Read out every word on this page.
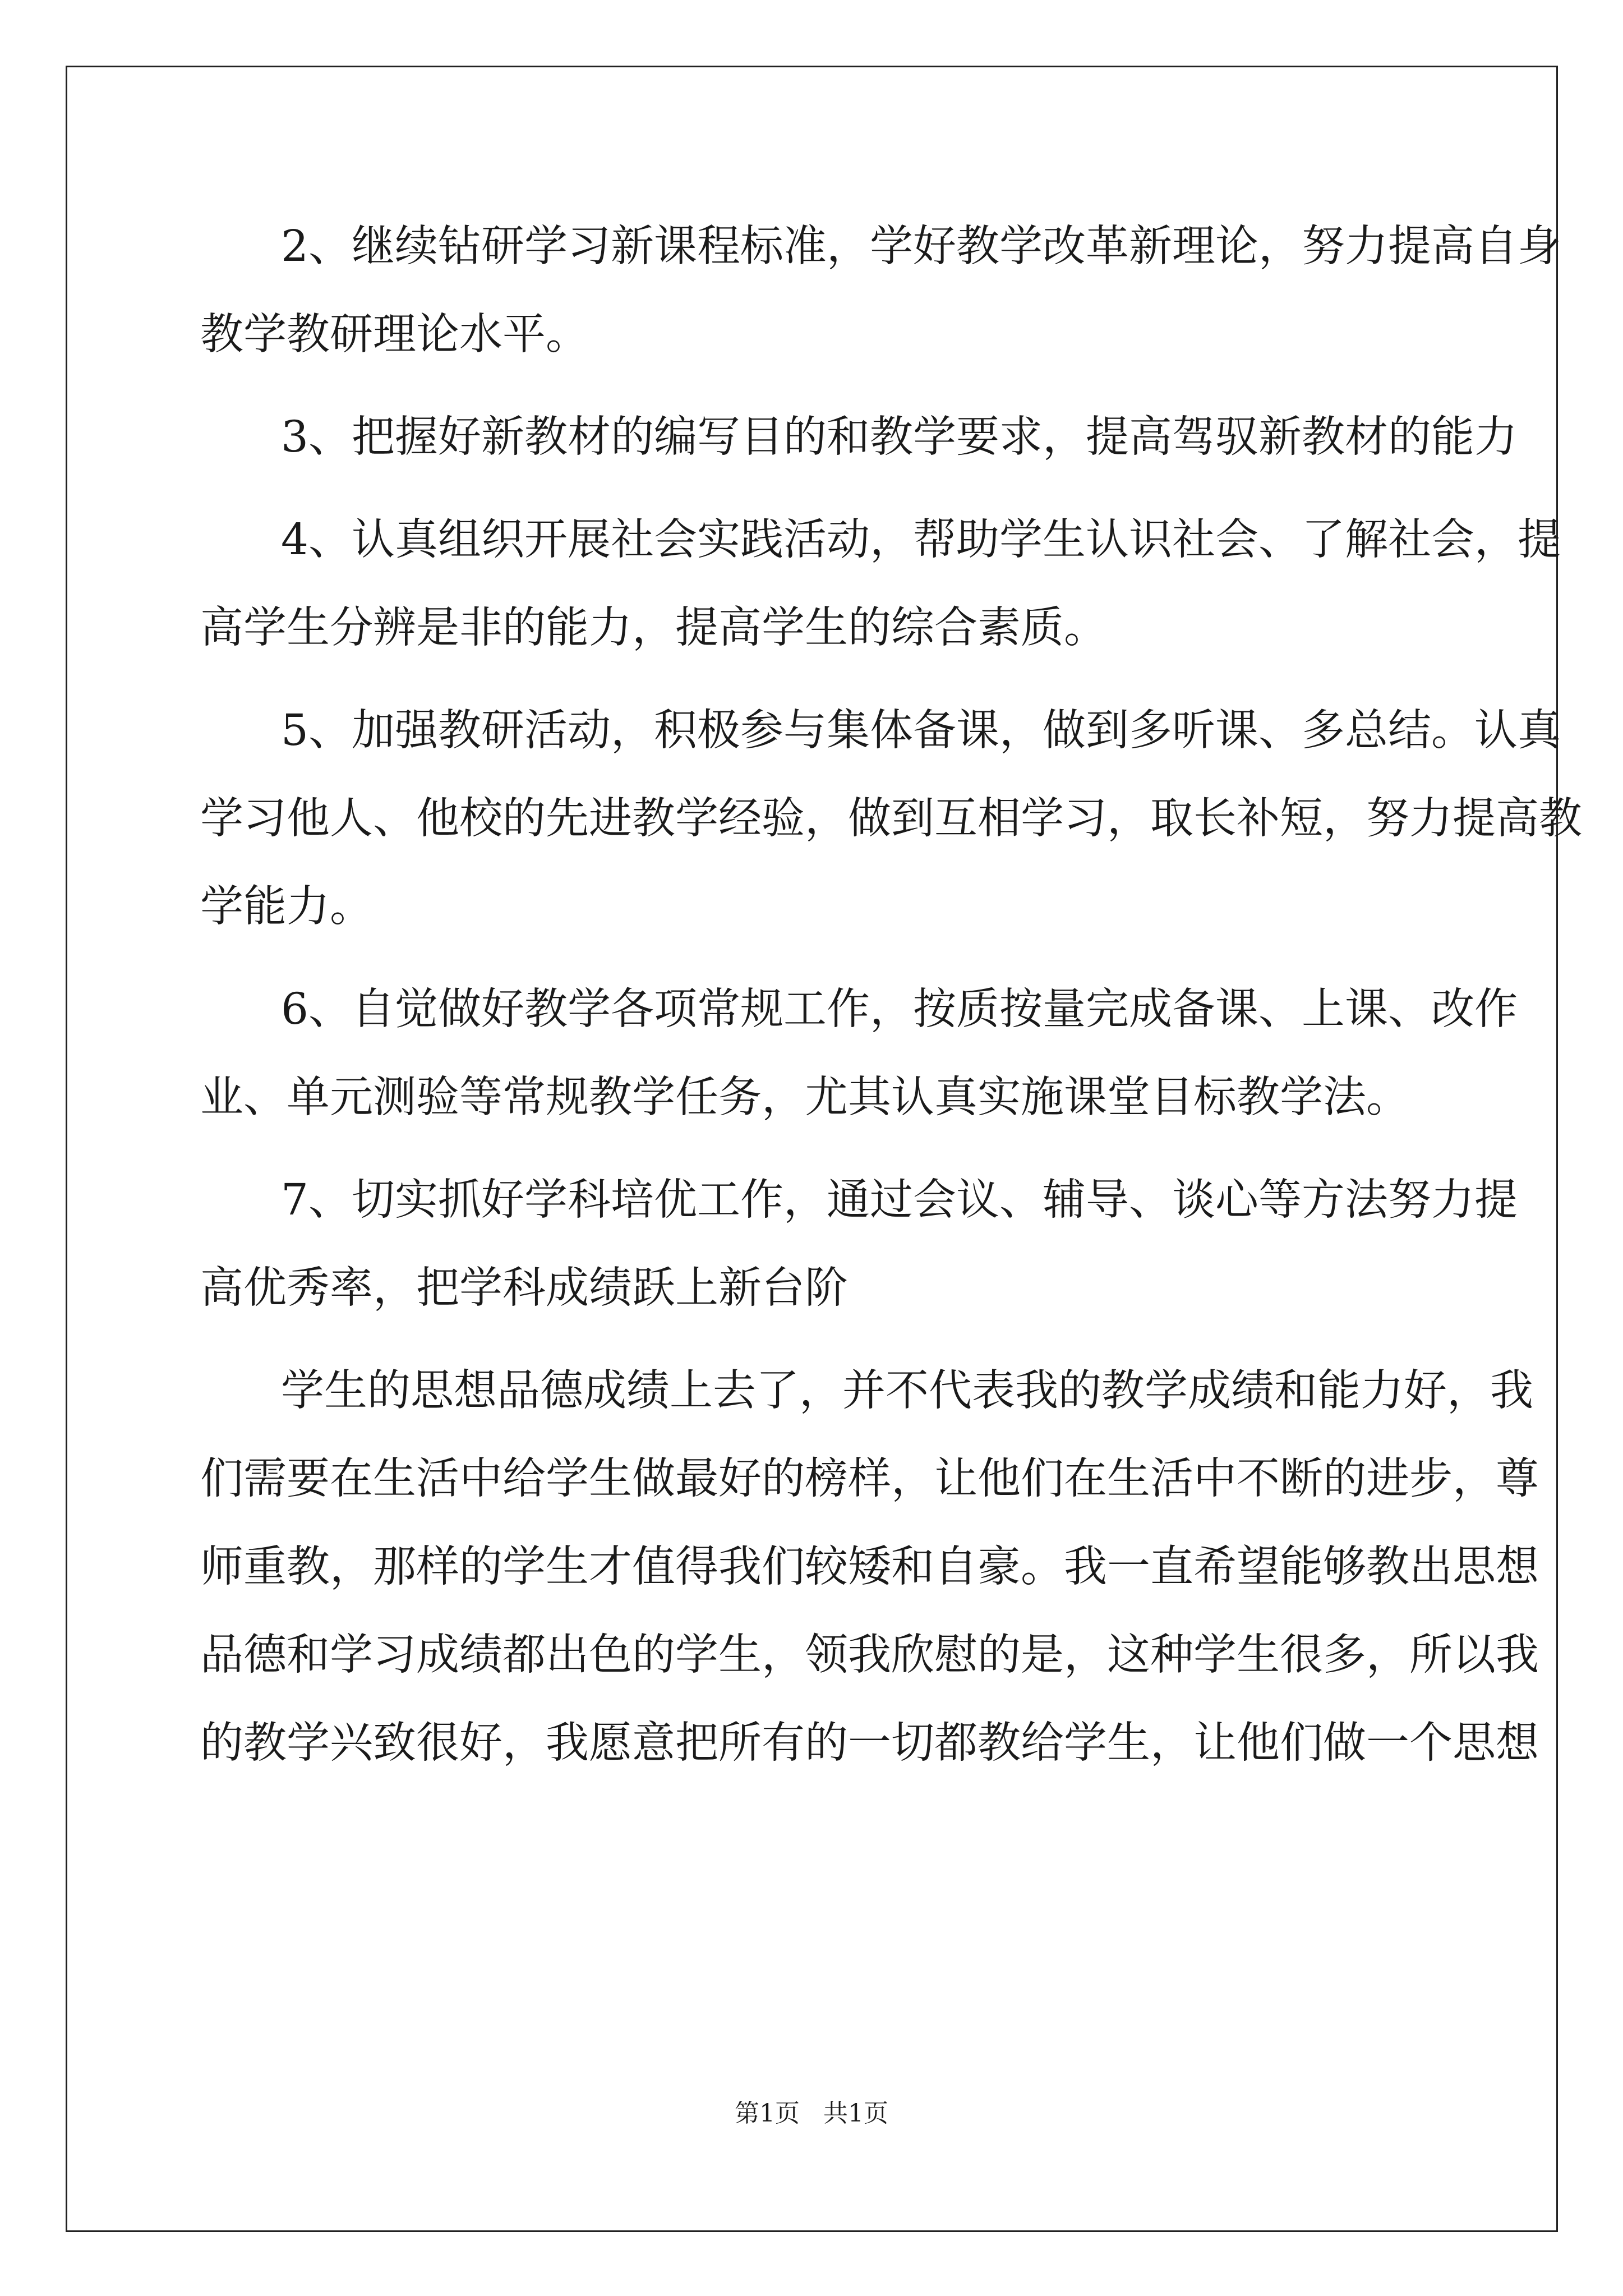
2、继续钻研学习新课程标准，学好教学改革新理论，努力提高自身
教学教研理论水平。
3、把握好新教材的编写目的和教学要求，提高驾驭新教材的能力
4、认真组织开展社会实践活动，帮助学生认识社会、了解社会，提
高学生分辨是非的能力，提高学生的综合素质。
5、加强教研活动，积极参与集体备课，做到多听课、多总结。认真
学习他人、他校的先进教学经验，做到互相学习，取长补短，努力提高教
学能力。
6、自觉做好教学各项常规工作，按质按量完成备课、上课、改作
业、单元测验等常规教学任务，尤其认真实施课堂目标教学法。
7、切实抓好学科培优工作，通过会议、辅导、谈心等方法努力提
高优秀率，把学科成绩跃上新台阶
学生的思想品德成绩上去了，并不代表我的教学成绩和能力好，我
们需要在生活中给学生做最好的榜样，让他们在生活中不断的进步，尊
师重教，那样的学生才值得我们较矮和自豪。我一直希望能够教出思想
品德和学习成绩都出色的学生，领我欣慰的是，这种学生很多，所以我
的教学兴致很好，我愿意把所有的一切都教给学生，让他们做一个思想
第1页 共1页
